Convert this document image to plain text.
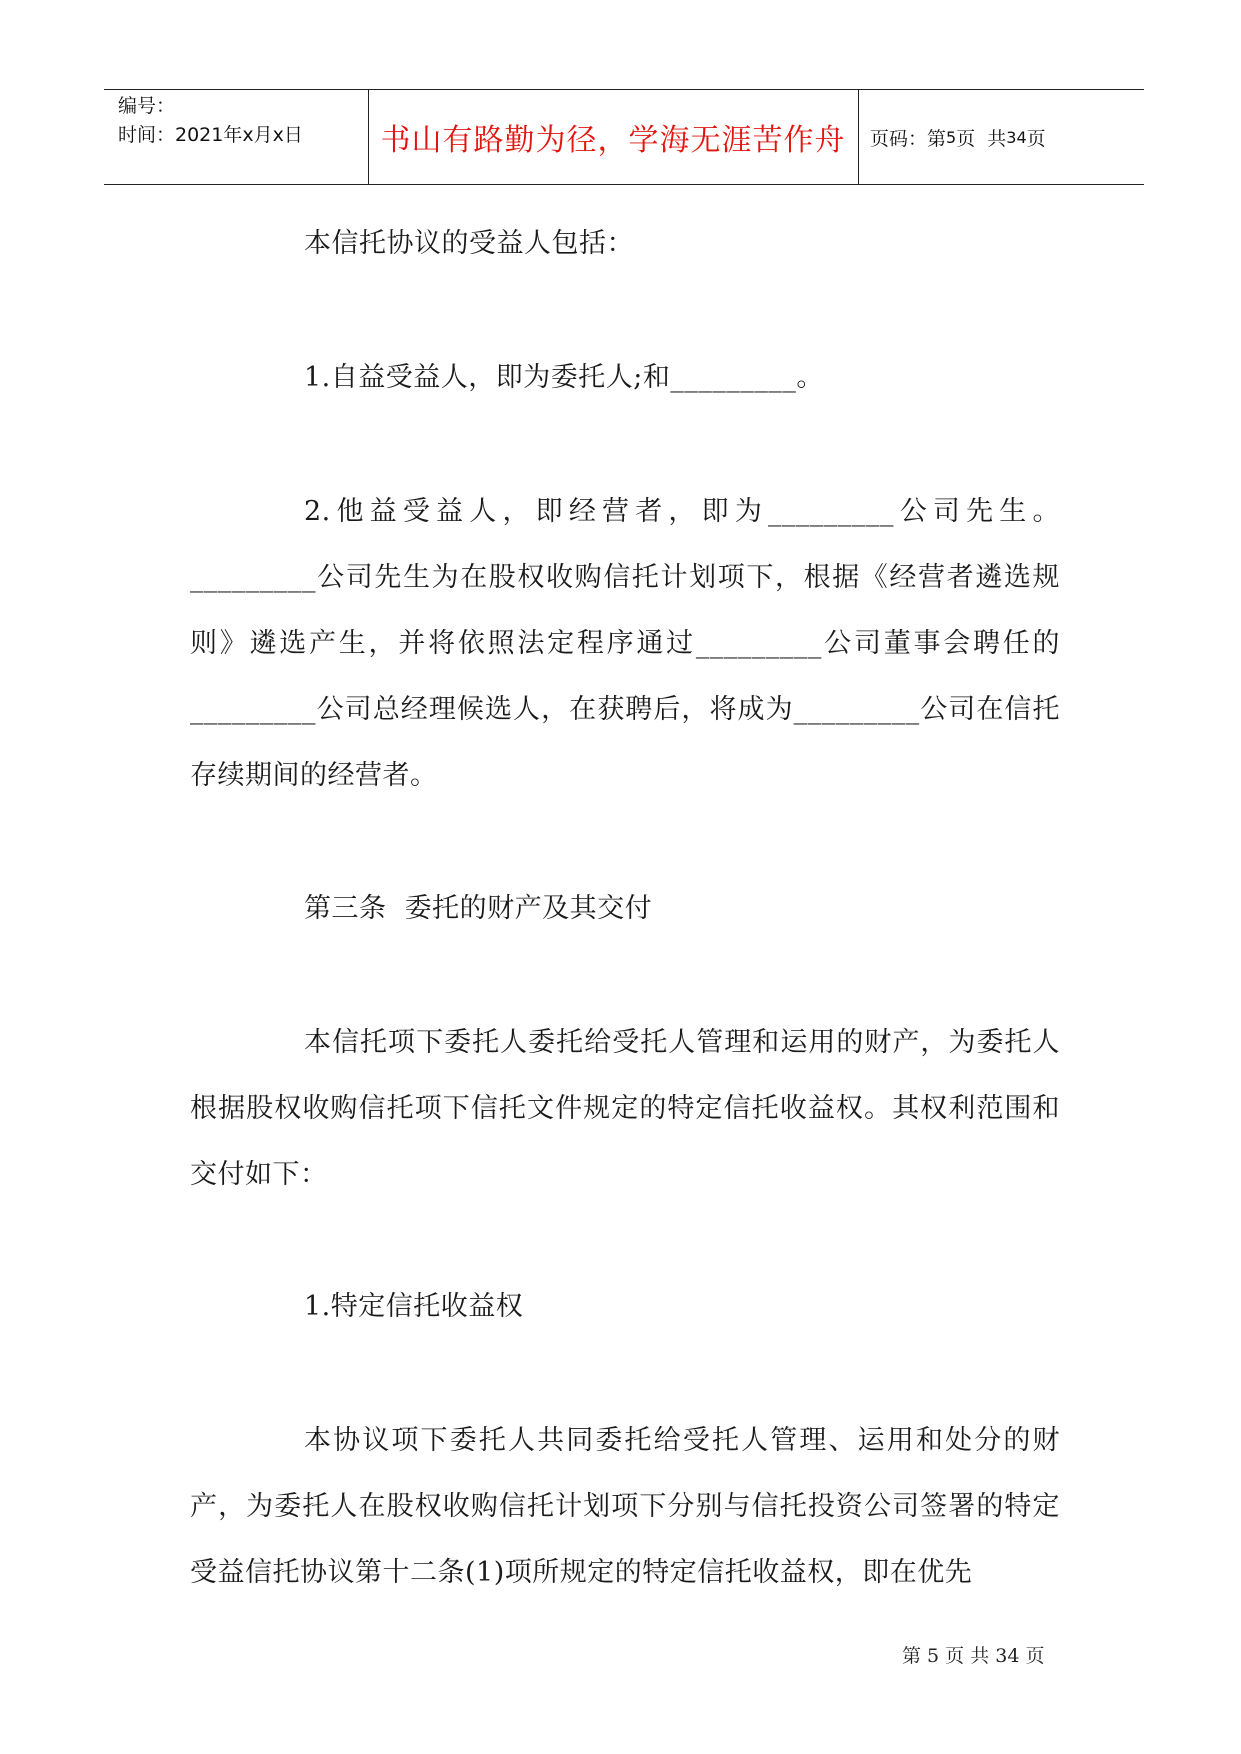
编号：
时间：2021年x月x日	书山有路勤为径，学海无涯苦作舟	页码：第 5 页  共 34 页

本信托协议的受益人包括：

1.自益受益人，即为委托人;和_________。

2.他益受益人，即经营者，即为_________公司先生。_________公司先生为在股权收购信托计划项下，根据《经营者遴选规则》遴选产生，并将依照法定程序通过_________公司董事会聘任的_________公司总经理候选人，在获聘后，将成为_________公司在信托存续期间的经营者。

第三条  委托的财产及其交付

本信托项下委托人委托给受托人管理和运用的财产，为委托人根据股权收购信托项下信托文件规定的特定信托收益权。其权利范围和交付如下：

1.特定信托收益权

本协议项下委托人共同委托给受托人管理、运用和处分的财产，为委托人在股权收购信托计划项下分别与信托投资公司签署的特定受益信托协议第十二条(1)项所规定的特定信托收益权，即在优先

第 5 页 共 34 页
